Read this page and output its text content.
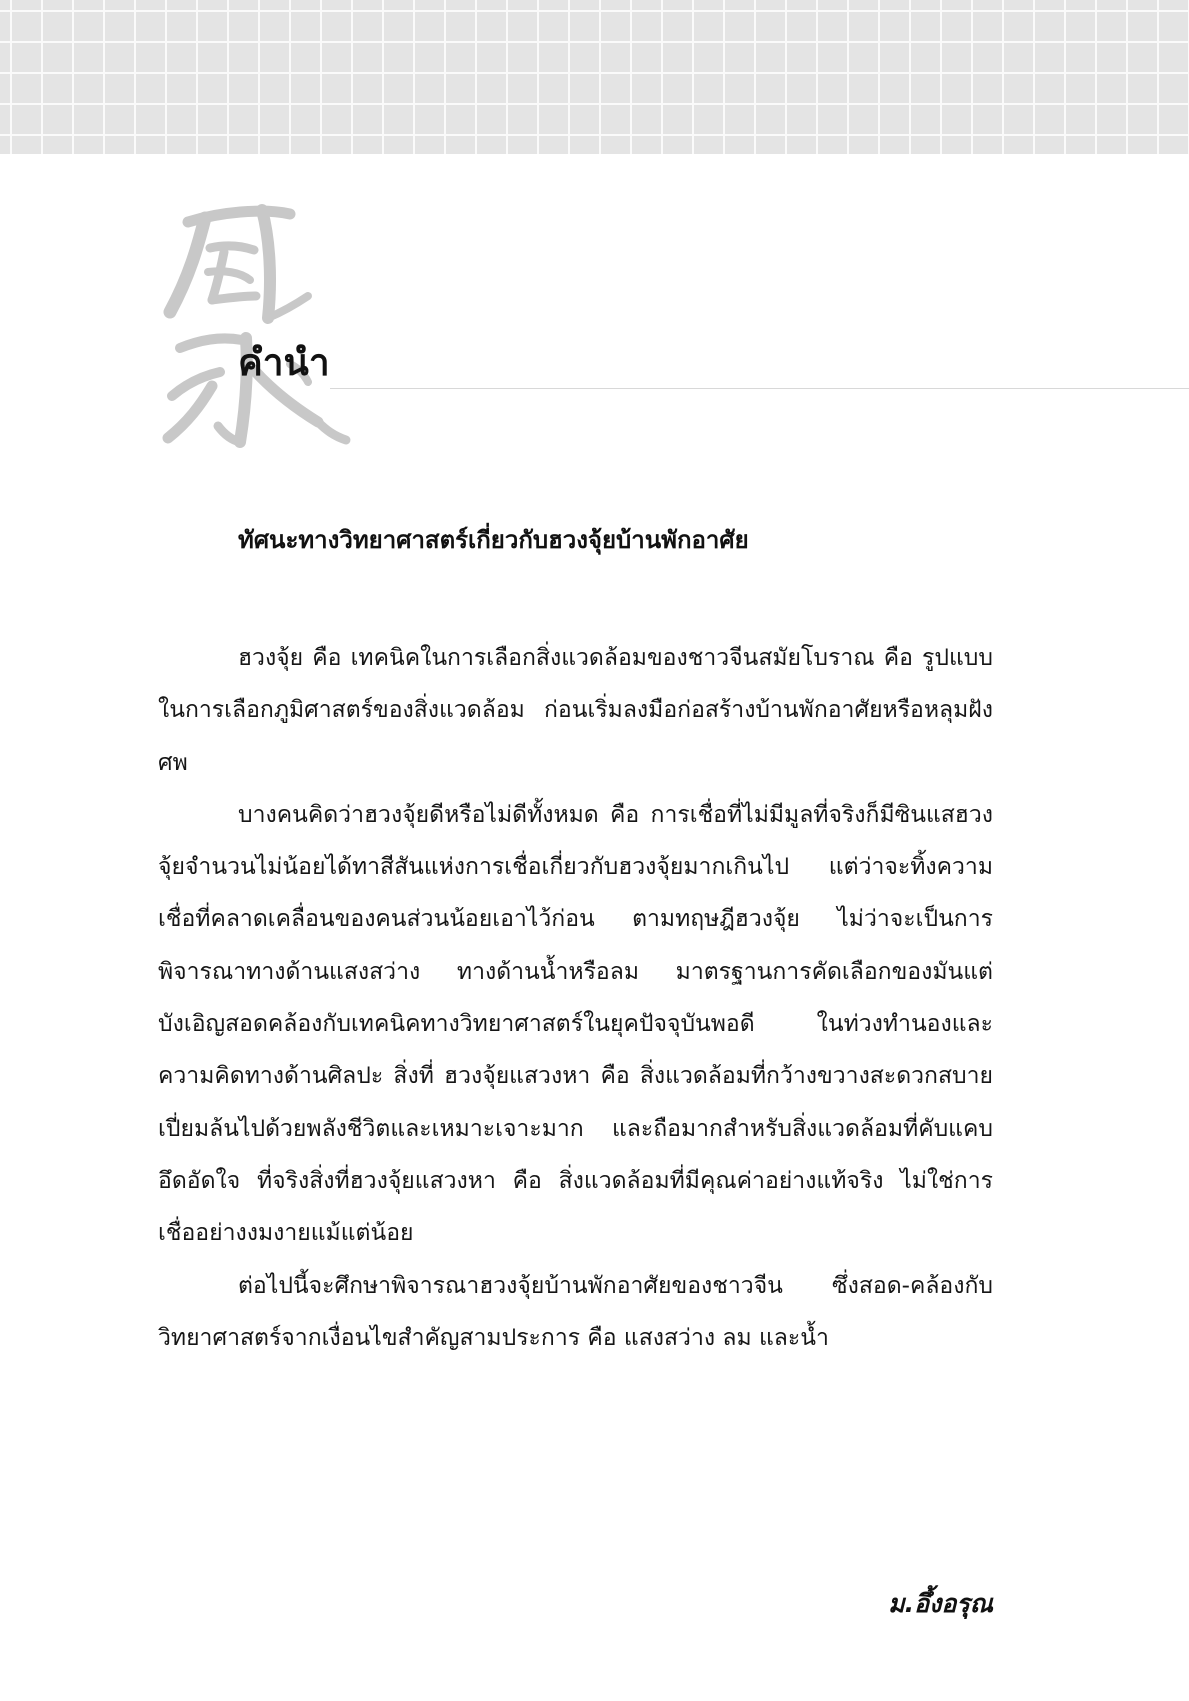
คำนำ
ทัศนะทางวิทยาศาสตร์เกี่ยวกับฮวงจุ้ยบ้านพักอาศัย

ฮวงจุ้ย คือ เทคนิคในการเลือกสิ่งแวดล้อมของชาวจีนสมัยโบราณ คือ รูปแบบในการเลือกภูมิศาสตร์ของสิ่งแวดล้อม ก่อนเริ่มลงมือก่อสร้างบ้านพักอาศัยหรือหลุมฝังศพ

บางคนคิดว่าฮวงจุ้ยดีหรือไม่ดีทั้งหมด คือ การเชื่อที่ไม่มีมูลที่จริงก็มีซินแสฮวงจุ้ยจำนวนไม่น้อยได้ทาสีสันแห่งการเชื่อเกี่ยวกับฮวงจุ้ยมากเกินไป แต่ว่าจะทิ้งความเชื่อที่คลาดเคลื่อนของคนส่วนน้อยเอาไว้ก่อน ตามทฤษฎีฮวงจุ้ย ไม่ว่าจะเป็นการพิจารณาทางด้านแสงสว่าง ทางด้านน้ำหรือลม มาตรฐานการคัดเลือกของมันแต่บังเอิญสอดคล้องกับเทคนิคทางวิทยาศาสตร์ในยุคปัจจุบันพอดี ในท่วงทำนองและความคิดทางด้านศิลปะ สิ่งที่ ฮวงจุ้ยแสวงหา คือ สิ่งแวดล้อมที่กว้างขวางสะดวกสบาย เปี่ยมล้นไปด้วยพลังชีวิตและเหมาะเจาะมาก และถือมากสำหรับสิ่งแวดล้อมที่คับแคบ อึดอัดใจ ที่จริงสิ่งที่ฮวงจุ้ยแสวงหา คือ สิ่งแวดล้อมที่มีคุณค่าอย่างแท้จริง ไม่ใช่การ เชื่ออย่างงมงายแม้แต่น้อย

ต่อไปนี้จะศึกษาพิจารณาฮวงจุ้ยบ้านพักอาศัยของชาวจีน ซึ่งสอด-คล้องกับวิทยาศาสตร์จากเงื่อนไขสำคัญสามประการ คือ แสงสว่าง ลม และน้ำ

ม.อึ้งอรุณ
